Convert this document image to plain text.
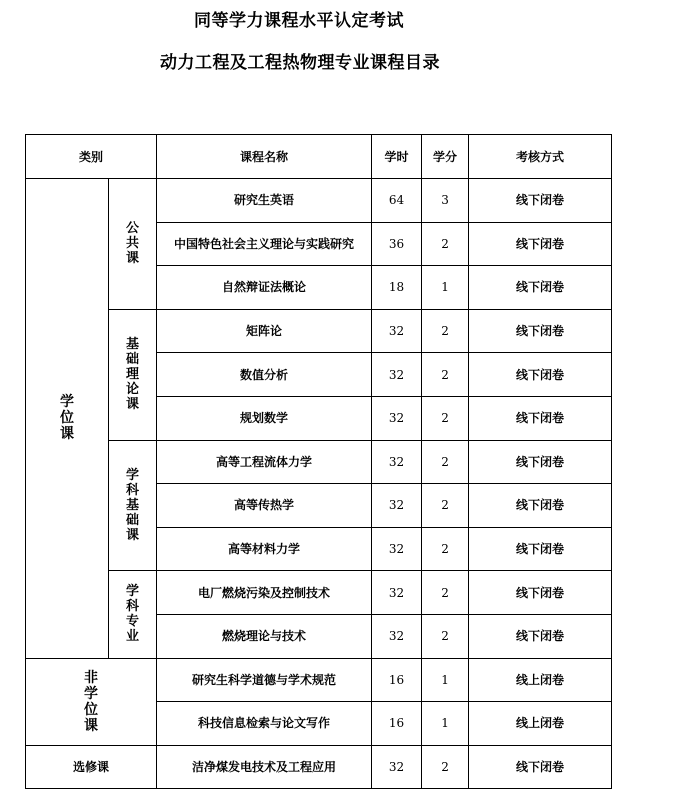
同等学力课程水平认定考试
动力工程及工程热物理专业课程目录
类别		课程名称	学时	学分	考核方式
学位课	公共课	研究生英语	64	3	线下闭卷
		中国特色社会主义理论与实践研究	36	2	线下闭卷
		自然辩证法概论	18	1	线下闭卷
	基础理论课	矩阵论	32	2	线下闭卷
		数值分析	32	2	线下闭卷
		规划数学	32	2	线下闭卷
	学科基础课	高等工程流体力学	32	2	线下闭卷
		高等传热学	32	2	线下闭卷
		高等材料力学	32	2	线下闭卷
	学科专业	电厂燃烧污染及控制技术	32	2	线下闭卷
		燃烧理论与技术	32	2	线下闭卷
非学位课		研究生科学道德与学术规范	16	1	线上闭卷
		科技信息检索与论文写作	16	1	线上闭卷
选修课		洁净煤发电技术及工程应用	32	2	线下闭卷
